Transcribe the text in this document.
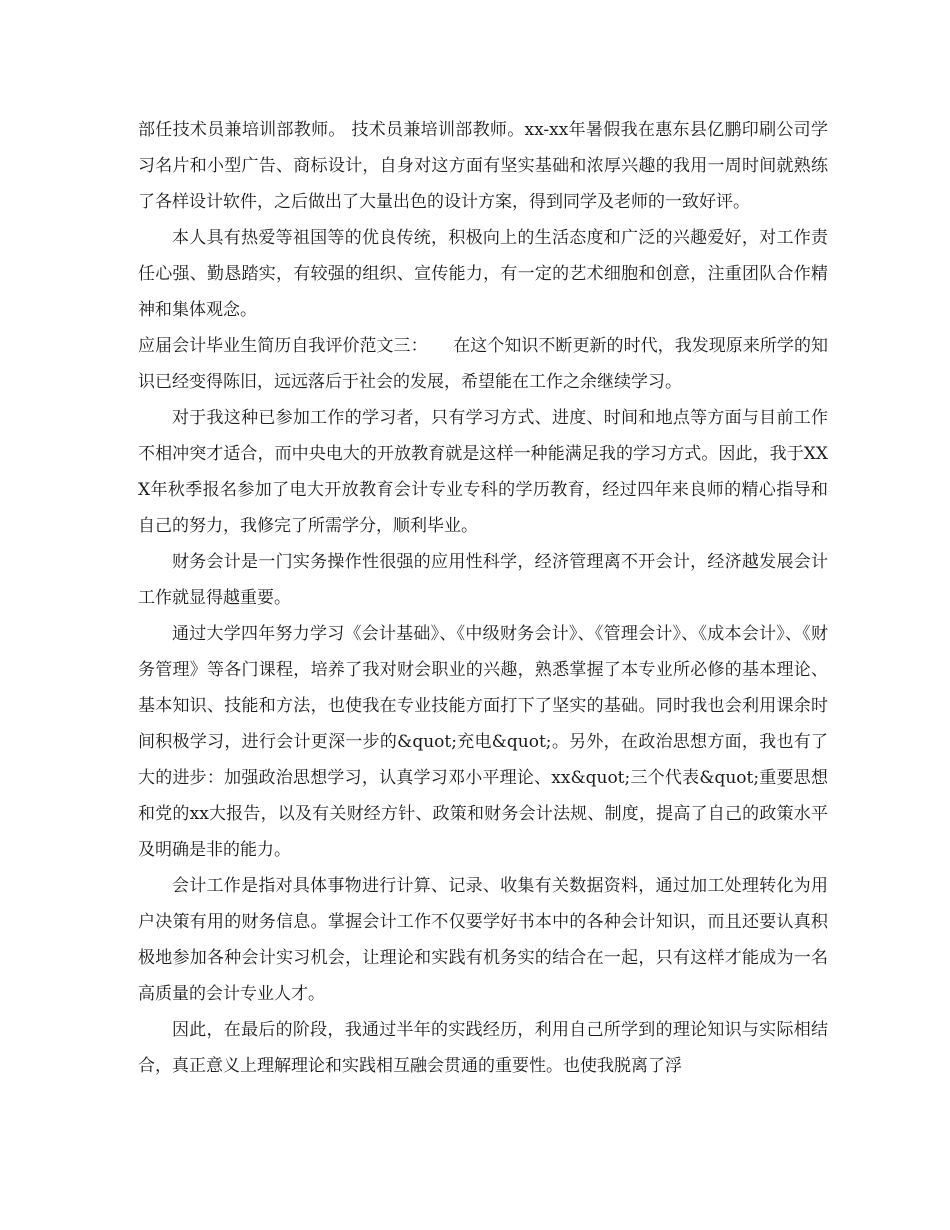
部任技术员兼培训部教师。 技术员兼培训部教师。xx-xx年暑假我在惠东县亿鹏印刷公司学习名片和小型广告、商标设计，自身对这方面有坚实基础和浓厚兴趣的我用一周时间就熟练了各样设计软件，之后做出了大量出色的设计方案，得到同学及老师的一致好评。

本人具有热爱等祖国等的优良传统，积极向上的生活态度和广泛的兴趣爱好，对工作责任心强、勤恳踏实，有较强的组织、宣传能力，有一定的艺术细胞和创意，注重团队合作精神和集体观念。

应届会计毕业生简历自我评价范文三：　　在这个知识不断更新的时代，我发现原来所学的知识已经变得陈旧，远远落后于社会的发展，希望能在工作之余继续学习。

对于我这种已参加工作的学习者，只有学习方式、进度、时间和地点等方面与目前工作不相冲突才适合，而中央电大的开放教育就是这样一种能满足我的学习方式。因此，我于XXX年秋季报名参加了电大开放教育会计专业专科的学历教育，经过四年来良师的精心指导和自己的努力，我修完了所需学分，顺利毕业。

财务会计是一门实务操作性很强的应用性科学，经济管理离不开会计，经济越发展会计工作就显得越重要。

通过大学四年努力学习《会计基础》、《中级财务会计》、《管理会计》、《成本会计》、《财务管理》等各门课程，培养了我对财会职业的兴趣，熟悉掌握了本专业所必修的基本理论、基本知识、技能和方法，也使我在专业技能方面打下了坚实的基础。同时我也会利用课余时间积极学习，进行会计更深一步的&quot;充电&quot;。另外，在政治思想方面，我也有了大的进步：加强政治思想学习，认真学习邓小平理论、xx&quot;三个代表&quot;重要思想和党的xx大报告，以及有关财经方针、政策和财务会计法规、制度，提高了自己的政策水平及明确是非的能力。

会计工作是指对具体事物进行计算、记录、收集有关数据资料，通过加工处理转化为用户决策有用的财务信息。掌握会计工作不仅要学好书本中的各种会计知识，而且还要认真积极地参加各种会计实习机会，让理论和实践有机务实的结合在一起，只有这样才能成为一名高质量的会计专业人才。

因此，在最后的阶段，我通过半年的实践经历，利用自己所学到的理论知识与实际相结合，真正意义上理解理论和实践相互融会贯通的重要性。也使我脱离了浮
